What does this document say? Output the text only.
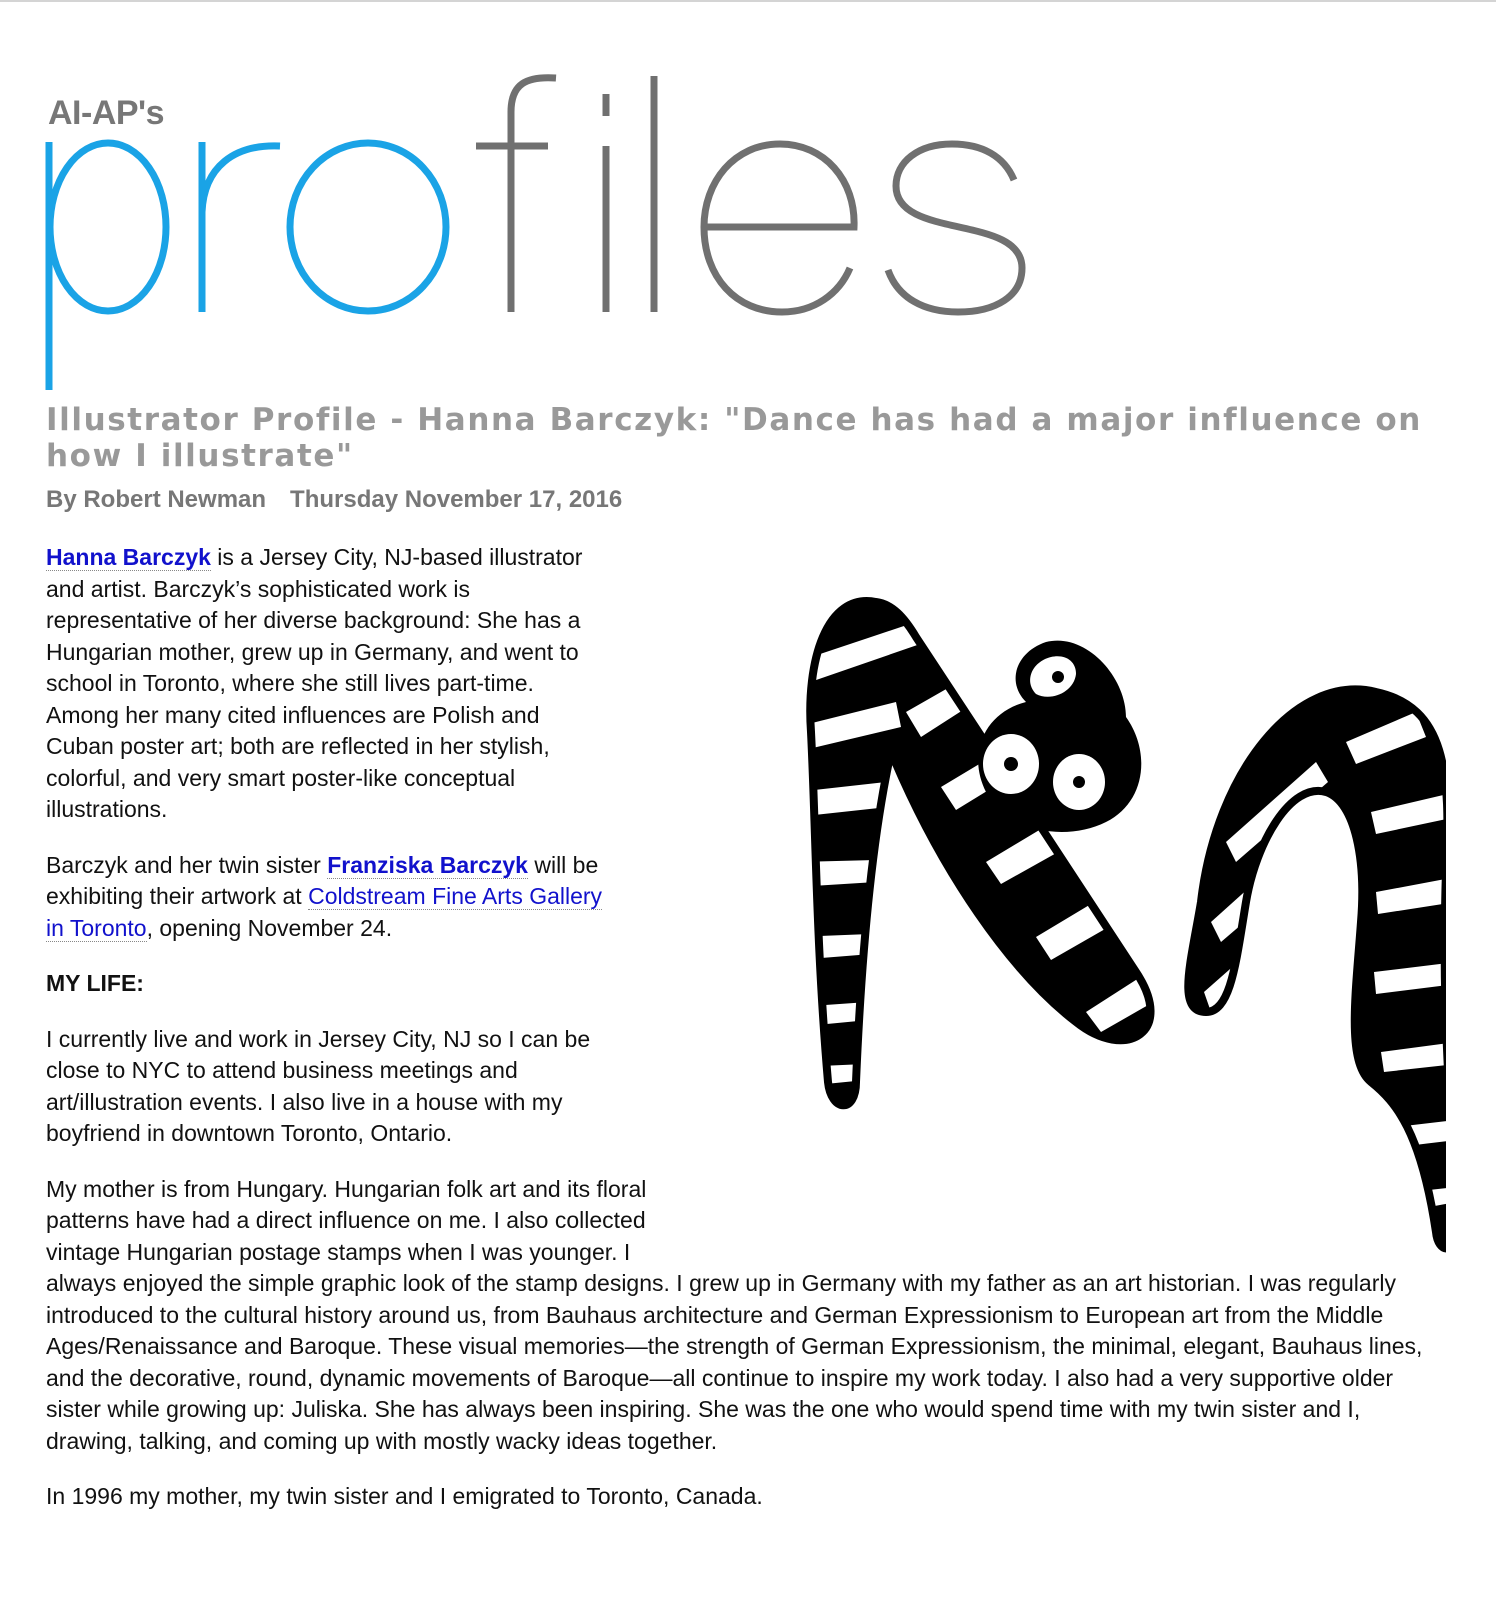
AI-AP's
Illustrator Profile - Hanna Barczyk: "Dance has had a major influence on how I illustrate"
By Robert Newman Thursday November 17, 2016

Hanna Barczyk is a Jersey City, NJ-based illustrator and artist. Barczyk’s sophisticated work is representative of her diverse background: She has a Hungarian mother, grew up in Germany, and went to school in Toronto, where she still lives part-time. Among her many cited influences are Polish and Cuban poster art; both are reflected in her stylish, colorful, and very smart poster-like conceptual illustrations.

Barczyk and her twin sister Franziska Barczyk will be exhibiting their artwork at Coldstream Fine Arts Gallery in Toronto, opening November 24.

MY LIFE:

I currently live and work in Jersey City, NJ so I can be close to NYC to attend business meetings and art/illustration events. I also live in a house with my boyfriend in downtown Toronto, Ontario.

My mother is from Hungary. Hungarian folk art and its floral patterns have had a direct influence on me. I also collected vintage Hungarian postage stamps when I was younger. I always enjoyed the simple graphic look of the stamp designs. I grew up in Germany with my father as an art historian. I was regularly introduced to the cultural history around us, from Bauhaus architecture and German Expressionism to European art from the Middle Ages/Renaissance and Baroque. These visual memories—the strength of German Expressionism, the minimal, elegant, Bauhaus lines, and the decorative, round, dynamic movements of Baroque—all continue to inspire my work today. I also had a very supportive older sister while growing up: Juliska. She has always been inspiring. She was the one who would spend time with my twin sister and I, drawing, talking, and coming up with mostly wacky ideas together.

In 1996 my mother, my twin sister and I emigrated to Toronto, Canada.
